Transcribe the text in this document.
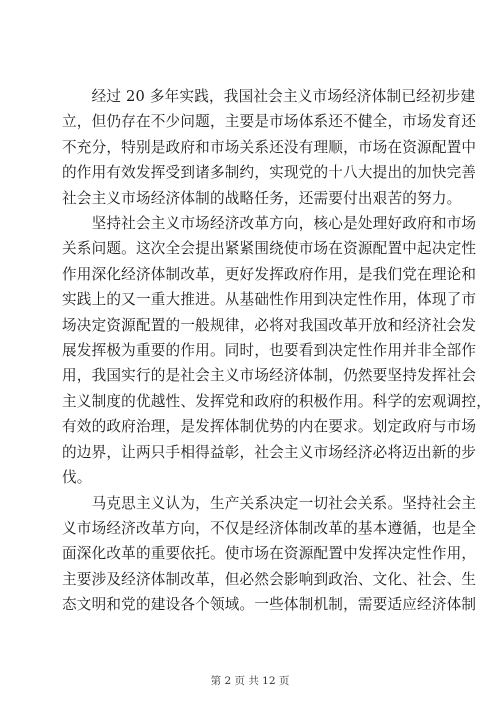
　　经过 20 多年实践，我国社会主义市场经济体制已经初步建
立，但仍存在不少问题，主要是市场体系还不健全，市场发育还
不充分，特别是政府和市场关系还没有理顺，市场在资源配置中
的作用有效发挥受到诸多制约，实现党的十八大提出的加快完善
社会主义市场经济体制的战略任务，还需要付出艰苦的努力。

　　坚持社会主义市场经济改革方向，核心是处理好政府和市场
关系问题。这次全会提出紧紧围绕使市场在资源配置中起决定性
作用深化经济体制改革，更好发挥政府作用，是我们党在理论和
实践上的又一重大推进。从基础性作用到决定性作用，体现了市
场决定资源配置的一般规律，必将对我国改革开放和经济社会发
展发挥极为重要的作用。同时，也要看到决定性作用并非全部作
用，我国实行的是社会主义市场经济体制，仍然要坚持发挥社会
主义制度的优越性、发挥党和政府的积极作用。科学的宏观调控，
有效的政府治理，是发挥体制优势的内在要求。划定政府与市场
的边界，让两只手相得益彰，社会主义市场经济必将迈出新的步
伐。

　　马克思主义认为，生产关系决定一切社会关系。坚持社会主
义市场经济改革方向，不仅是经济体制改革的基本遵循，也是全
面深化改革的重要依托。使市场在资源配置中发挥决定性作用，
主要涉及经济体制改革，但必然会影响到政治、文化、社会、生
态文明和党的建设各个领域。一些体制机制，需要适应经济体制

第 2 页 共 12 页
